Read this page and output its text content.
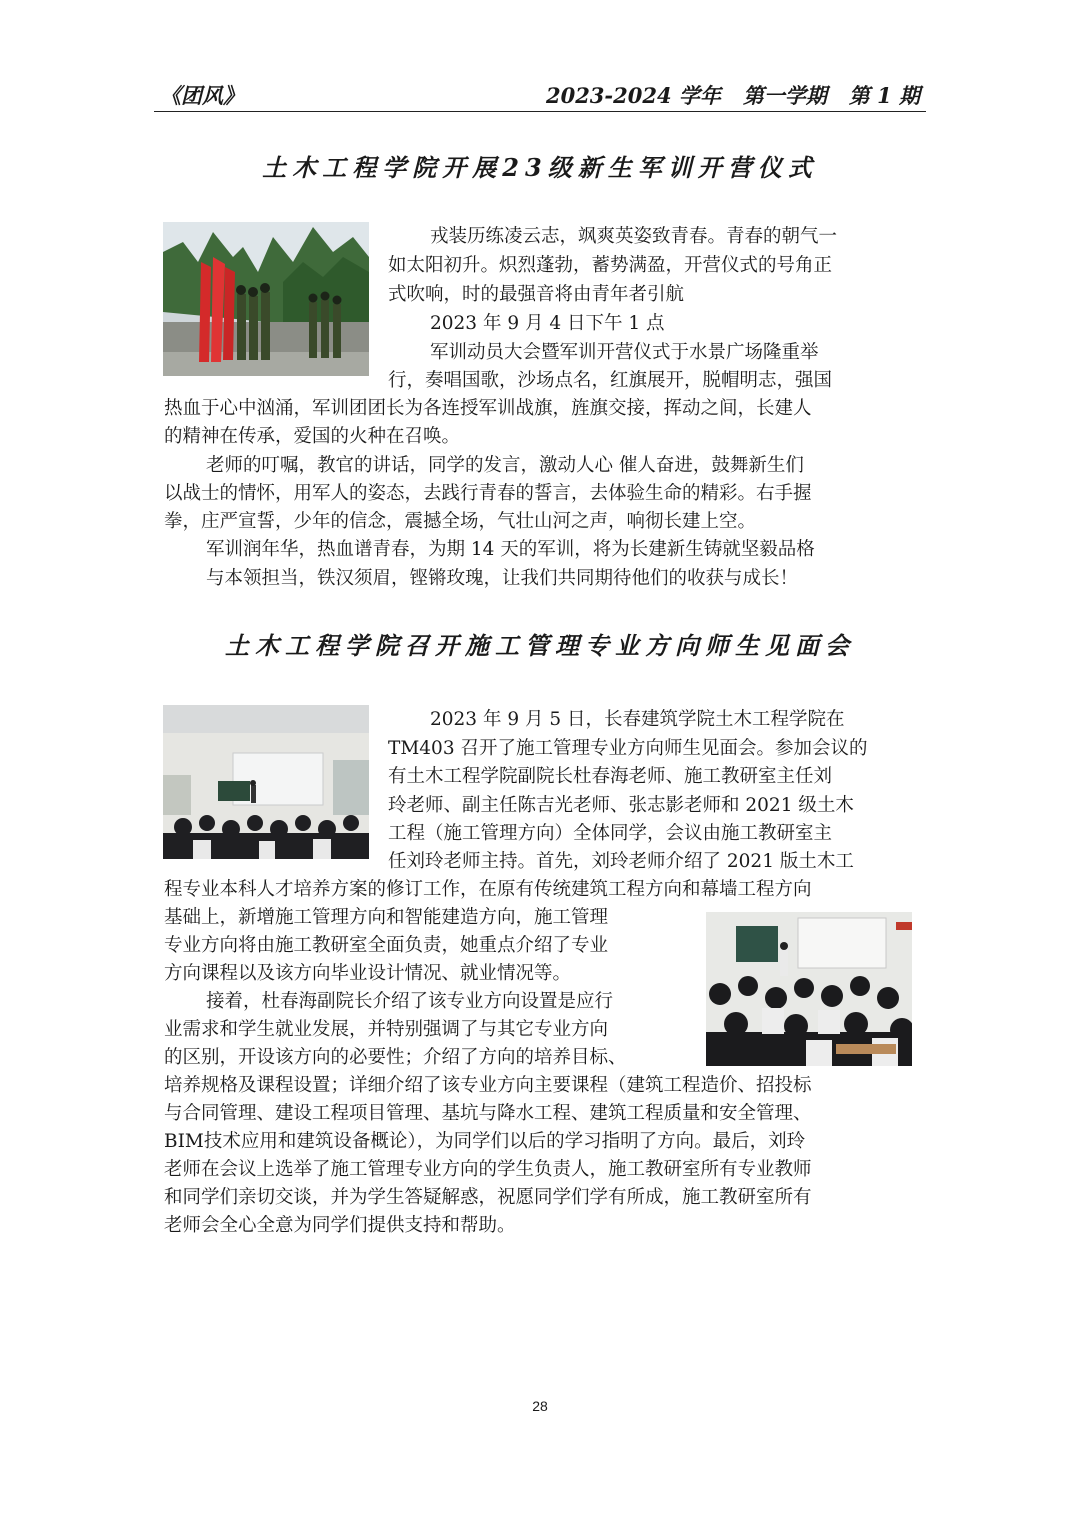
《团风》	2023-2024 学年   第一学期   第 1 期
土木工程学院开展23级新生军训开营仪式

戎装历练凌云志，飒爽英姿致青春。青春的朝气一

如太阳初升。炽烈蓬勃，蓄势满盈，开营仪式的号角正

式吹响，时的最强音将由青年者引航

2023 年 9 月 4 日下午 1 点

军训动员大会暨军训开营仪式于水景广场隆重举

行，奏唱国歌，沙场点名，红旗展开，脱帽明志，强国

热血于心中汹涌，军训团团长为各连授军训战旗，旌旗交接，挥动之间，长建人

的精神在传承，爱国的火种在召唤。

老师的叮嘱，教官的讲话，同学的发言，激动人心 催人奋进，鼓舞新生们

以战士的情怀，用军人的姿态，去践行青春的誓言，去体验生命的精彩。右手握

拳，庄严宣誓，少年的信念，震撼全场，气壮山河之声，响彻长建上空。

军训润年华，热血谱青春，为期 14 天的军训，将为长建新生铸就坚毅品格

与本领担当，铁汉须眉，铿锵玫瑰，让我们共同期待他们的收获与成长！

土木工程学院召开施工管理专业方向师生见面会

2023 年 9 月 5 日，长春建筑学院土木工程学院在

TM403 召开了施工管理专业方向师生见面会。参加会议的

有土木工程学院副院长杜春海老师、施工教研室主任刘

玲老师、副主任陈吉光老师、张志影老师和 2021 级土木

工程（施工管理方向）全体同学，会议由施工教研室主

任刘玲老师主持。首先，刘玲老师介绍了 2021 版土木工

程专业本科人才培养方案的修订工作，在原有传统建筑工程方向和幕墙工程方向

基础上，新增施工管理方向和智能建造方向，施工管理

专业方向将由施工教研室全面负责，她重点介绍了专业

方向课程以及该方向毕业设计情况、就业情况等。

接着，杜春海副院长介绍了该专业方向设置是应行

业需求和学生就业发展，并特别强调了与其它专业方向

的区别，开设该方向的必要性；介绍了方向的培养目标、

培养规格及课程设置；详细介绍了该专业方向主要课程（建筑工程造价、招投标

与合同管理、建设工程项目管理、基坑与降水工程、建筑工程质量和安全管理、

BIM技术应用和建筑设备概论），为同学们以后的学习指明了方向。最后，刘玲

老师在会议上选举了施工管理专业方向的学生负责人，施工教研室所有专业教师

和同学们亲切交谈，并为学生答疑解惑，祝愿同学们学有所成，施工教研室所有

老师会全心全意为同学们提供支持和帮助。

28
